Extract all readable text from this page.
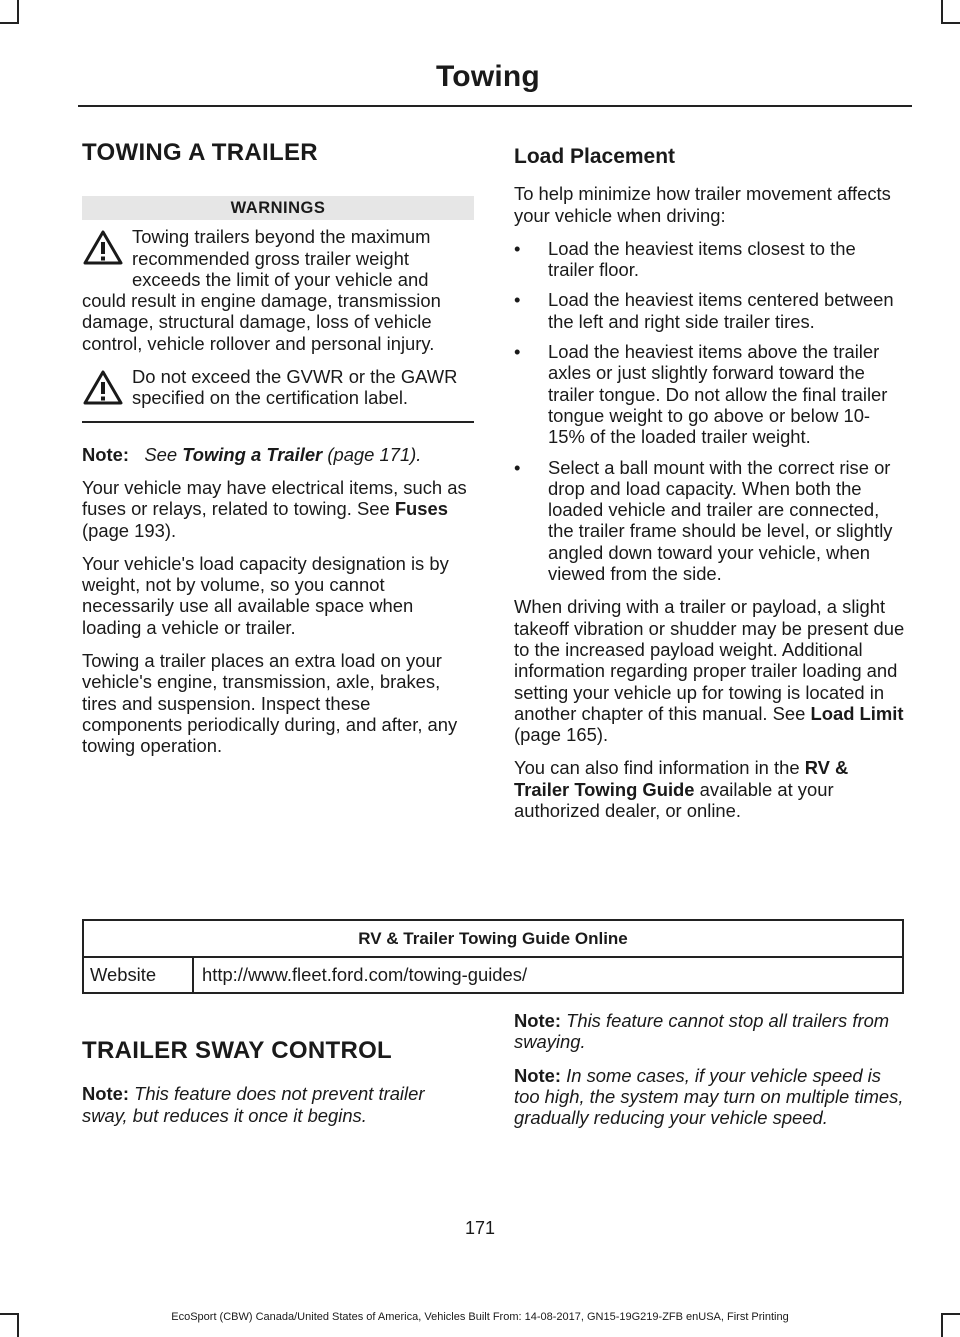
Towing
TOWING A TRAILER
WARNINGS
Towing trailers beyond the maximum recommended gross trailer weight exceeds the limit of your vehicle and

could result in engine damage, transmission damage, structural damage, loss of vehicle control, vehicle rollover and personal injury.

Do not exceed the GVWR or the GAWR specified on the certification label.

Note: See Towing a Trailer (page 171).

Your vehicle may have electrical items, such as fuses or relays, related to towing. See Fuses (page 193).

Your vehicle's load capacity designation is by weight, not by volume, so you cannot necessarily use all available space when loading a vehicle or trailer.

Towing a trailer places an extra load on your vehicle's engine, transmission, axle, brakes, tires and suspension. Inspect these components periodically during, and after, any towing operation.

Load Placement

To help minimize how trailer movement affects your vehicle when driving:

• Load the heaviest items closest to the trailer floor.
• Load the heaviest items centered between the left and right side trailer tires.
• Load the heaviest items above the trailer axles or just slightly forward toward the trailer tongue. Do not allow the final trailer tongue weight to go above or below 10-15% of the loaded trailer weight.
• Select a ball mount with the correct rise or drop and load capacity. When both the loaded vehicle and trailer are connected, the trailer frame should be level, or slightly angled down toward your vehicle, when viewed from the side.

When driving with a trailer or payload, a slight takeoff vibration or shudder may be present due to the increased payload weight. Additional information regarding proper trailer loading and setting your vehicle up for towing is located in another chapter of this manual. See Load Limit (page 165).

You can also find information in the RV & Trailer Towing Guide available at your authorized dealer, or online.

RV & Trailer Towing Guide Online
Website	http://www.fleet.ford.com/towing-guides/
TRAILER SWAY CONTROL

Note: This feature does not prevent trailer sway, but reduces it once it begins.

Note: This feature cannot stop all trailers from swaying.

Note: In some cases, if your vehicle speed is too high, the system may turn on multiple times, gradually reducing your vehicle speed.

171
EcoSport (CBW) Canada/United States of America, Vehicles Built From: 14-08-2017, GN15-19G219-ZFB enUSA, First Printing
